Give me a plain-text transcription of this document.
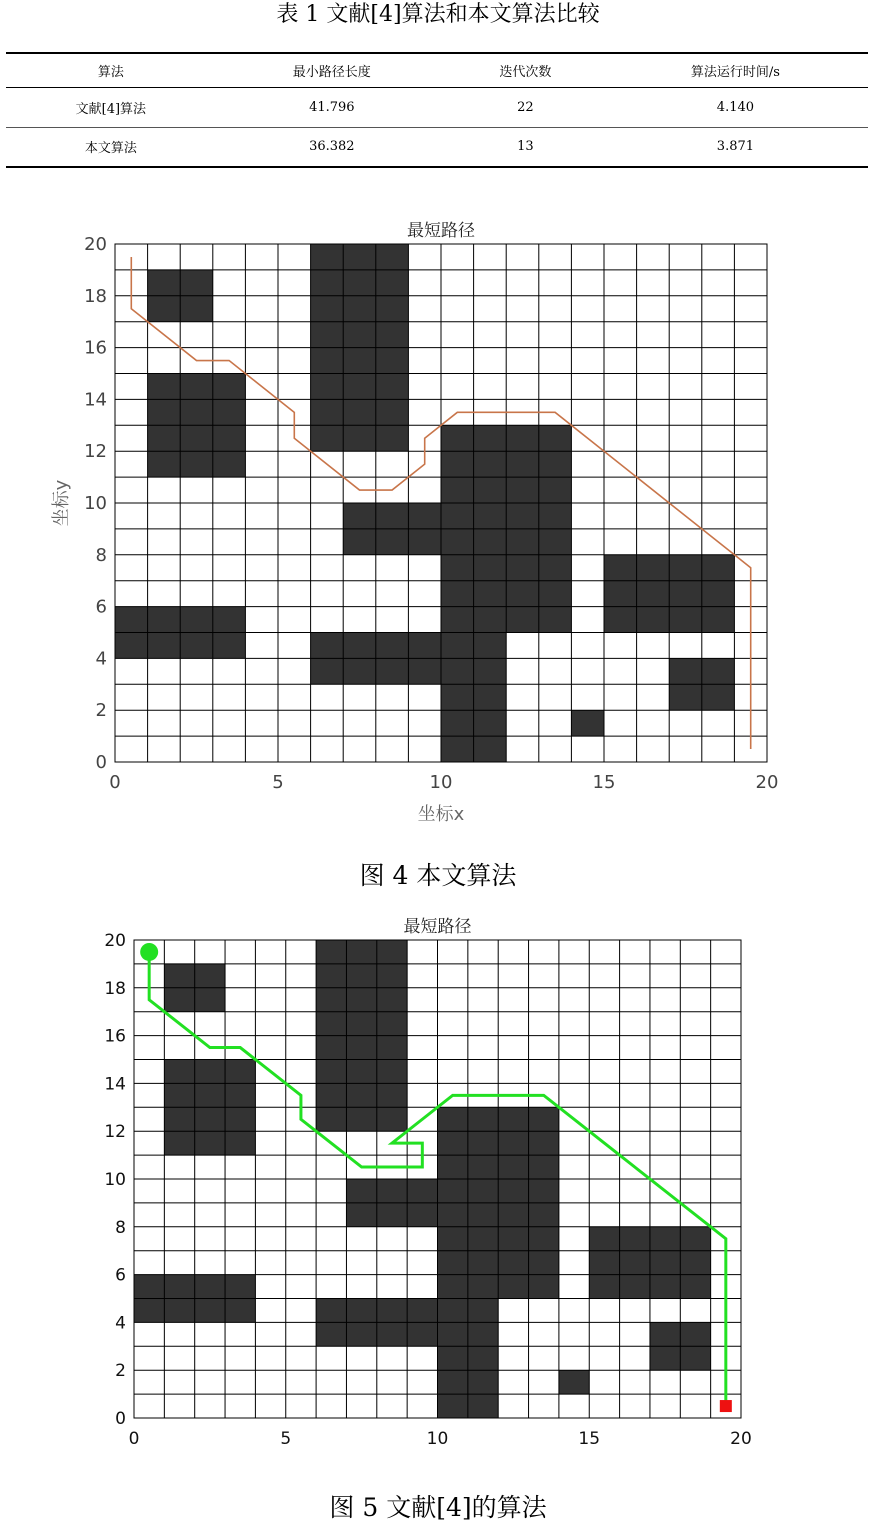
表 1 文献[4]算法和本文算法比较
算法	最小路径长度	迭代次数	算法运行时间/s
文献[4]算法	41.796	22	4.140
本文算法	36.382	13	3.871
0	5	10	15	20
0
2
4
6
8
10
12
14
16
18
20
最短路径
坐标x
坐标y
图 4 本文算法
0	5	10	15	20
0
2
4
6
8
10
12
14
16
18
20
最短路径
图 5 文献[4]的算法
